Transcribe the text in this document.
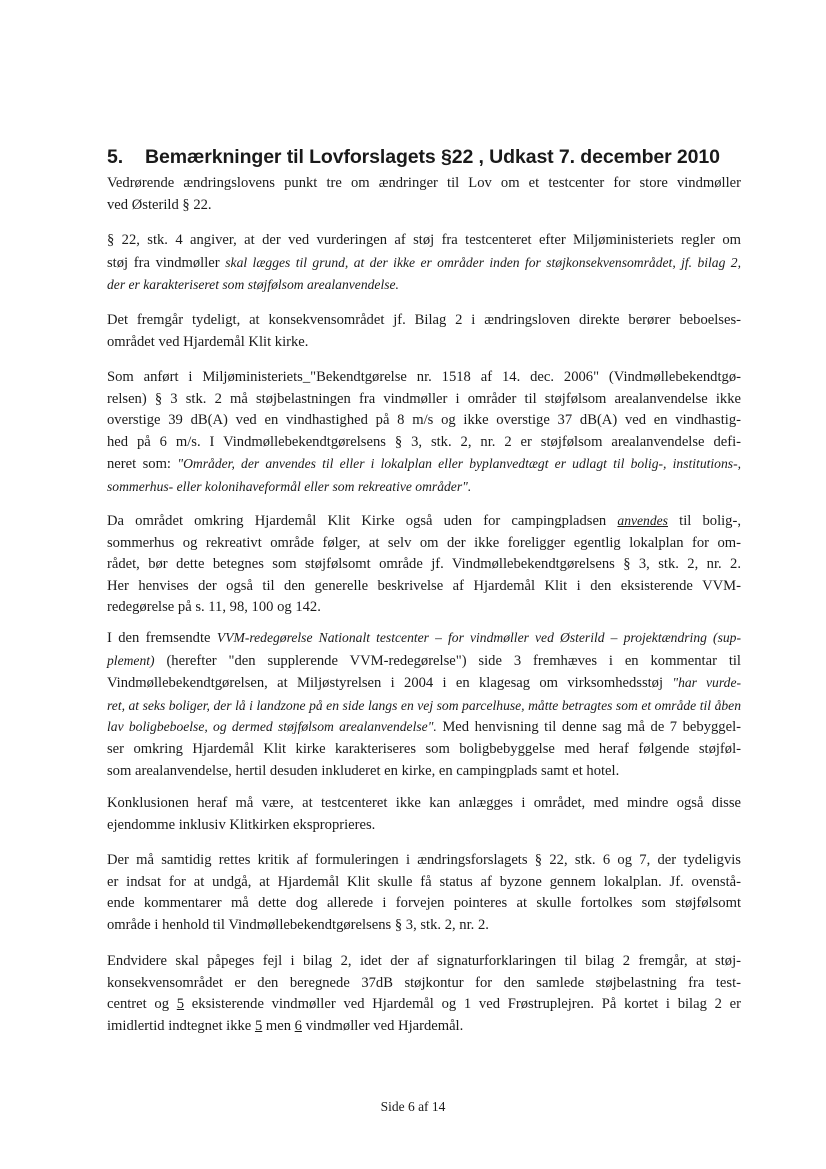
5. Bemærkninger til Lovforslagets §22 , Udkast 7. december 2010
Vedrørende ændringslovens punkt tre om ændringer til Lov om et testcenter for store vindmøller
ved Østerild § 22.
§ 22, stk. 4 angiver, at der ved vurderingen af støj fra testcenteret efter Miljøministeriets regler om
støj fra vindmøller skal lægges til grund, at der ikke er områder inden for støjkonsekvensområdet, jf. bilag 2,
der er karakteriseret som støjfølsom arealanvendelse.
Det fremgår tydeligt, at konsekvensområdet jf. Bilag 2 i ændringsloven direkte berører beboelses-
området ved Hjardemål Klit kirke.
Som anført i Miljøministeriets_"Bekendtgørelse nr. 1518 af 14. dec. 2006" (Vindmøllebekendtgø-
relsen) § 3 stk. 2 må støjbelastningen fra vindmøller i områder til støjfølsom arealanvendelse ikke
overstige 39 dB(A) ved en vindhastighed på 8 m/s og ikke overstige 37 dB(A) ved en vindhastig-
hed på 6 m/s. I Vindmøllebekendtgørelsens § 3, stk. 2, nr. 2 er støjfølsom arealanvendelse defi-
neret som: "Områder, der anvendes til eller i lokalplan eller byplanvedtægt er udlagt til bolig-, institutions-,
sommerhus- eller kolonihaveformål eller som rekreative områder".
Da området omkring Hjardemål Klit Kirke også uden for campingpladsen anvendes til bolig-,
sommerhus og rekreativt område følger, at selv om der ikke foreligger egentlig lokalplan for om-
rådet, bør dette betegnes som støjfølsomt område jf. Vindmøllebekendtgørelsens § 3, stk. 2, nr. 2.
Her henvises der også til den generelle beskrivelse af Hjardemål Klit i den eksisterende VVM-
redegørelse på s. 11, 98, 100 og 142.
I den fremsendte VVM-redegørelse Nationalt testcenter – for vindmøller ved Østerild – projektændring (sup-
plement) (herefter "den supplerende VVM-redegørelse") side 3 fremhæves i en kommentar til
Vindmøllebekendtgørelsen, at Miljøstyrelsen i 2004 i en klagesag om virksomhedsstøj "har vurde-
ret, at seks boliger, der lå i landzone på en side langs en vej som parcelhuse, måtte betragtes som et område til åben
lav boligbeboelse, og dermed støjfølsom arealanvendelse". Med henvisning til denne sag må de 7 bebyggel-
ser omkring Hjardemål Klit kirke karakteriseres som boligbebyggelse med heraf følgende støjføl-
som arealanvendelse, hertil desuden inkluderet en kirke, en campingplads samt et hotel.
Konklusionen heraf må være, at testcenteret ikke kan anlægges i området, med mindre også disse
ejendomme inklusiv Klitkirken eksproprieres.
Der må samtidig rettes kritik af formuleringen i ændringsforslagets § 22, stk. 6 og 7, der tydeligvis
er indsat for at undgå, at Hjardemål Klit skulle få status af byzone gennem lokalplan. Jf. ovenstå-
ende kommentarer må dette dog allerede i forvejen pointeres at skulle fortolkes som støjfølsomt
område i henhold til Vindmøllebekendtgørelsens § 3, stk. 2, nr. 2.
Endvidere skal påpeges fejl i bilag 2, idet der af signaturforklaringen til bilag 2 fremgår, at støj-
konsekvensområdet er den beregnede 37dB støjkontur for den samlede støjbelastning fra test-
centret og 5 eksisterende vindmøller ved Hjardemål og 1 ved Frøstruplejren. På kortet i bilag 2 er
imidlertid indtegnet ikke 5 men 6 vindmøller ved Hjardemål.
Side 6 af 14
